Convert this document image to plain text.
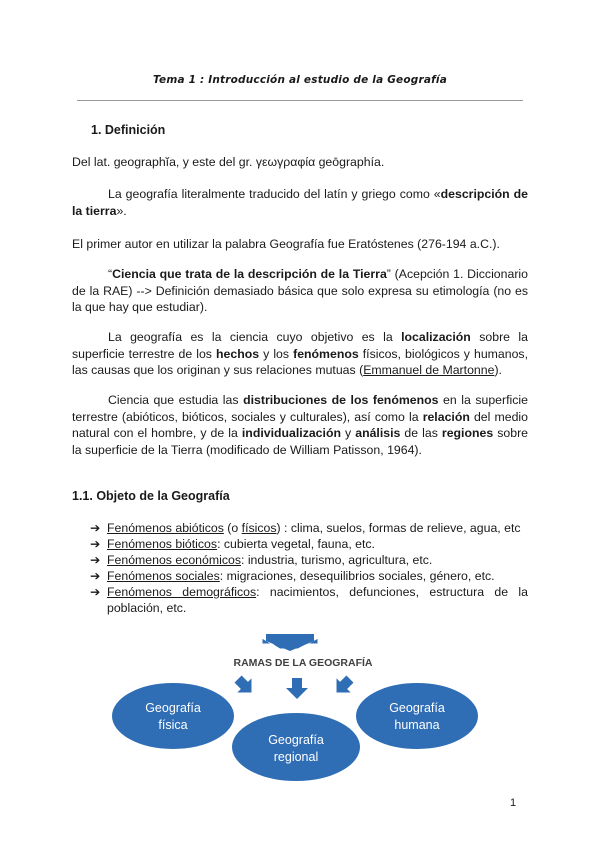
Tema 1 : Introducción al estudio de la Geografía
1. Definición
Del lat. geographĭa, y este del gr. γεωγραφία geōgraphía.
La geografía literalmente traducido del latín y griego como «descripción de la tierra».
El primer autor en utilizar la palabra Geografía fue Eratóstenes (276-194 a.C.).
“Ciencia que trata de la descripción de la Tierra” (Acepción 1. Diccionario de la RAE) --> Definición demasiado básica que solo expresa su etimología (no es la que hay que estudiar).
La geografía es la ciencia cuyo objetivo es la localización sobre la superficie terrestre de los hechos y los fenómenos físicos, biológicos y humanos, las causas que los originan y sus relaciones mutuas (Emmanuel de Martonne).
Ciencia que estudia las distribuciones de los fenómenos en la superficie terrestre (abióticos, bióticos, sociales y culturales), así como la relación del medio natural con el hombre, y de la individualización y análisis de las regiones sobre la superficie de la Tierra (modificado de William Patisson, 1964).
1.1. Objeto de la Geografía
➔ Fenómenos abióticos (o físicos) : clima, suelos, formas de relieve, agua, etc
➔ Fenómenos bióticos: cubierta vegetal, fauna, etc.
➔ Fenómenos económicos: industria, turismo, agricultura, etc.
➔ Fenómenos sociales: migraciones, desequilibrios sociales, género, etc.
➔ Fenómenos demográficos: nacimientos, defunciones, estructura de la población, etc.
RAMAS DE LA GEOGRAFÍA
Geografía
física
Geografía
regional
Geografía
humana
1
